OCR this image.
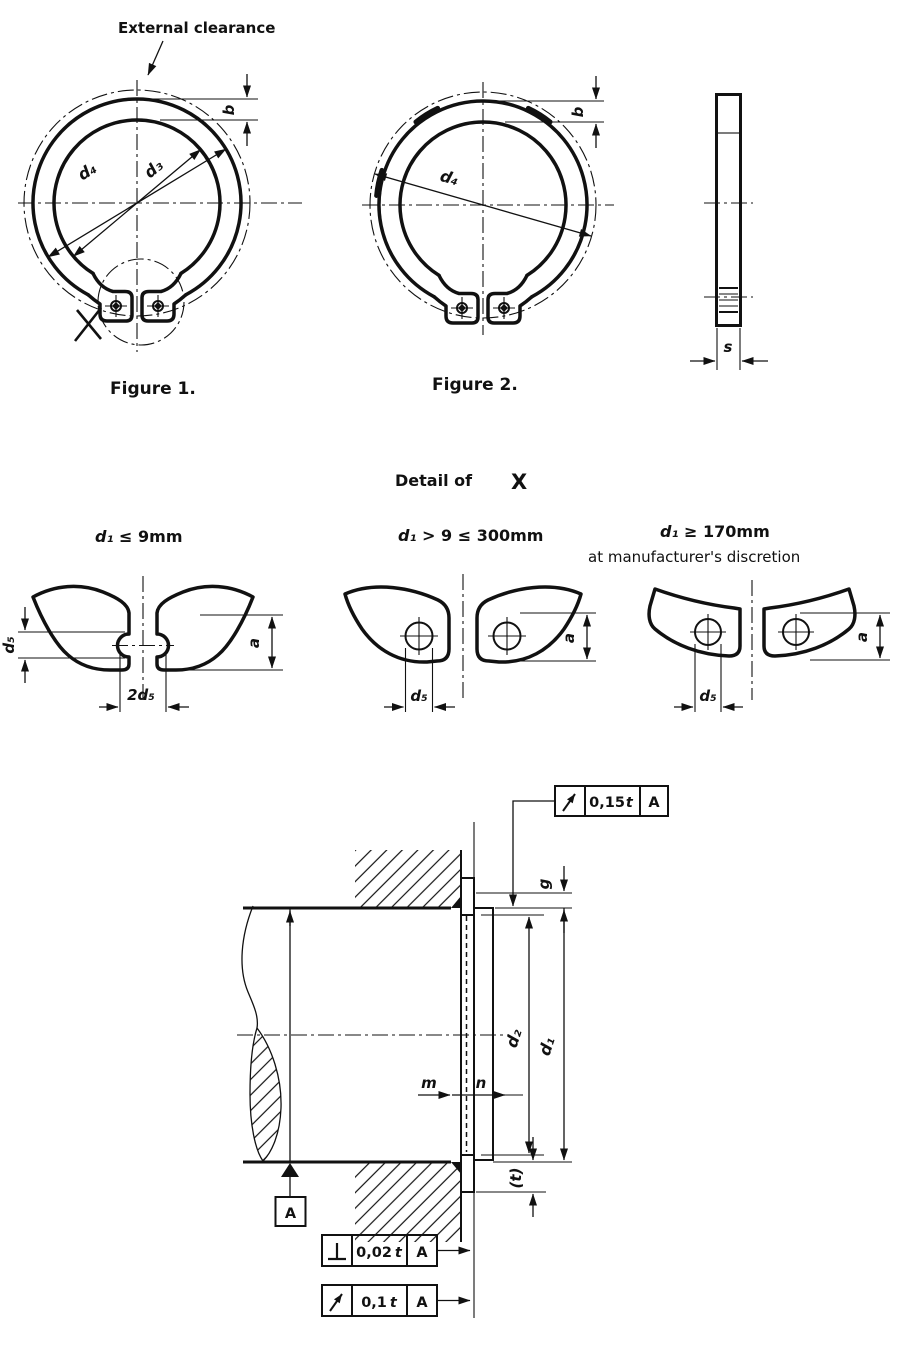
External clearance
d₄	d₃
b
Figure 1.
d₄
b
Figure 2.
s
Detail of X
d₁ ≤ 9mm
d₅
2d₅
a
d₁ > 9 ≤ 300mm
d₅
a
d₁ ≥ 170mm
at manufacturer's discretion
d₅
a
g
d₁
d₂
(t)
m	n
A
0,15t A
0,02 t A
0,1 t A
